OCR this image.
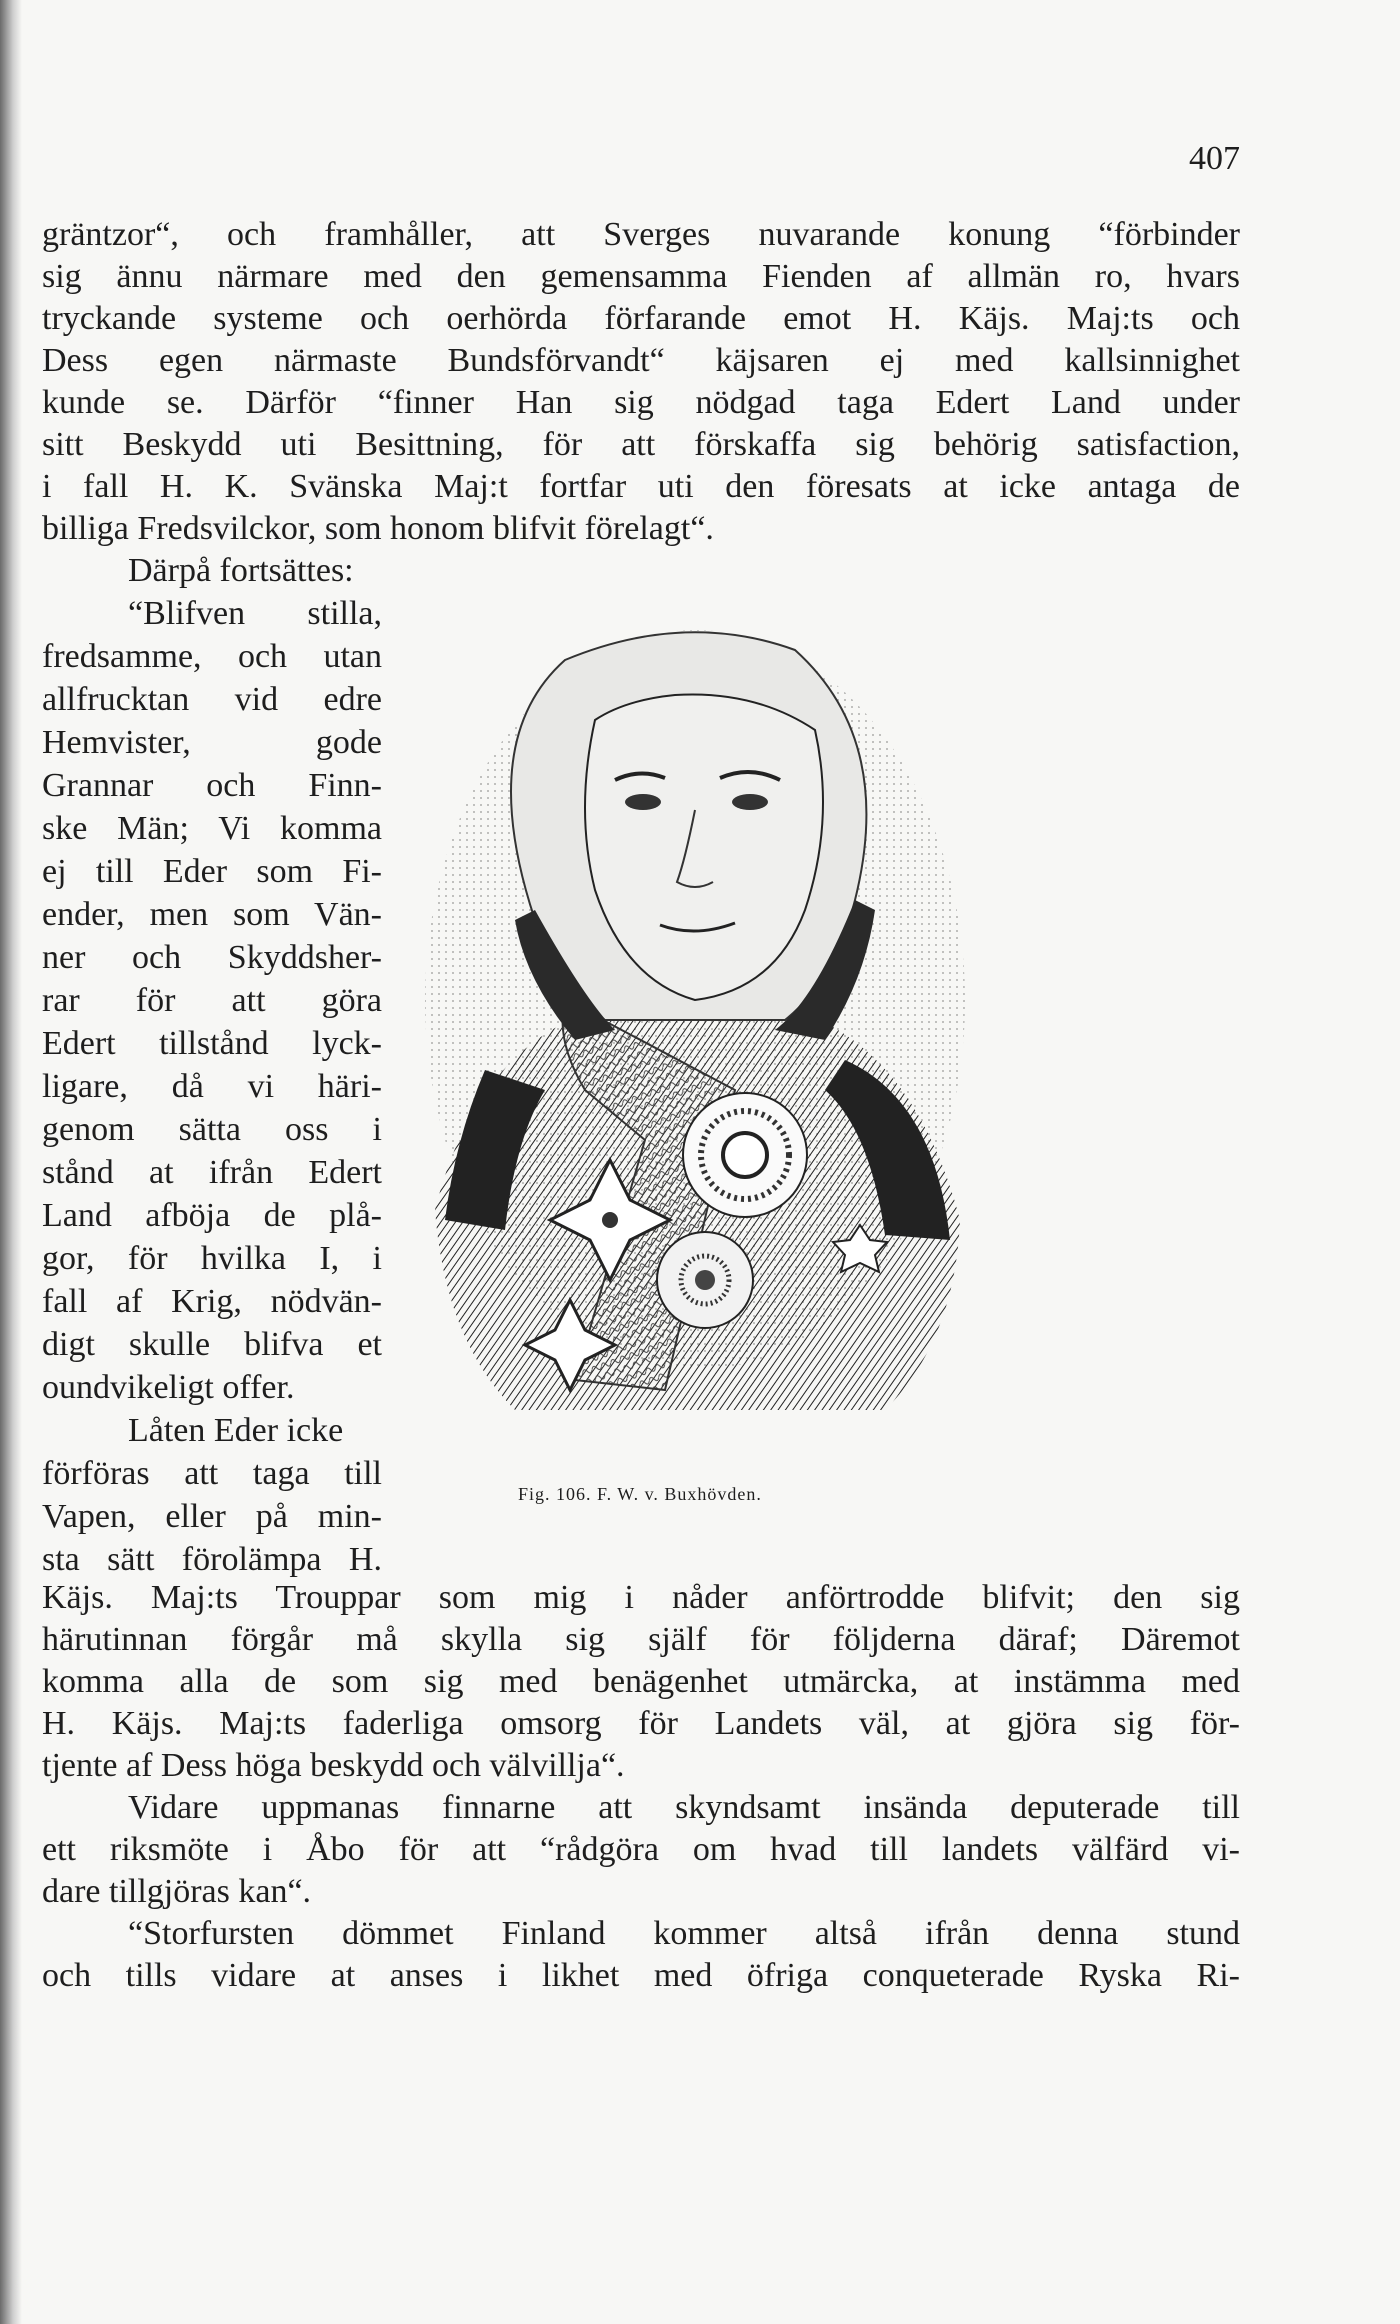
407
gräntzor“, och framhåller, att Sverges nuvarande konung “förbinder
sig ännu närmare med den gemensamma Fienden af allmän ro, hvars
tryckande systeme och oerhörda förfarande emot H. Käjs. Maj:ts och
Dess egen närmaste Bundsförvandt“ käjsaren ej med kallsinnighet
kunde se. Därför “finner Han sig nödgad taga Edert Land under
sitt Beskydd uti Besittning, för att förskaffa sig behörig satisfaction,
i fall H. K. Svänska Maj:t fortfar uti den föresats at icke antaga de
billiga Fredsvilckor, som honom blifvit förelagt“.
Därpå fortsättes:
“Blifven stilla,
fredsamme, och utan
allfrucktan vid edre
Hemvister, gode
Grannar och Finn-
ske Män; Vi komma
ej till Eder som Fi-
ender, men som Vän-
ner och Skyddsher-
rar för att göra
Edert tillstånd lyck-
ligare, då vi häri-
genom sätta oss i
stånd at ifrån Edert
Land afböja de plå-
gor, för hvilka I, i
fall af Krig, nödvän-
digt skulle blifva et
oundvikeligt offer.
Låten Eder icke
förföras att taga till
Vapen, eller på min-
sta sätt förolämpa H.
Fig. 106. F. W. v. Buxhövden.
Käjs. Maj:ts Trouppar som mig i nåder anförtrodde blifvit; den sig
härutinnan förgår må skylla sig själf för följderna däraf; Däremot
komma alla de som sig med benägenhet utmärcka, at instämma med
H. Käjs. Maj:ts faderliga omsorg för Landets väl, at gjöra sig för-
tjente af Dess höga beskydd och välvillja“.
Vidare uppmanas finnarne att skyndsamt insända deputerade till
ett riksmöte i Åbo för att “rådgöra om hvad till landets välfärd vi-
dare tillgjöras kan“.
“Storfursten dömmet Finland kommer altså ifrån denna stund
och tills vidare at anses i likhet med öfriga conqueterade Ryska Ri-
